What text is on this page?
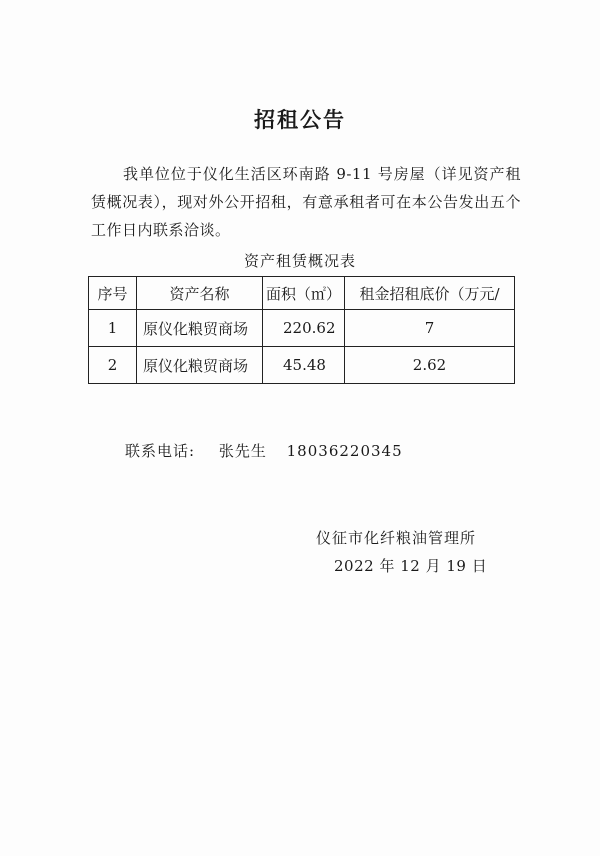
招租公告

我单位位于仪化生活区环南路 9-11 号房屋（详见资产租赁概况表），现对外公开招租，有意承租者可在本公告发出五个工作日内联系洽谈。

资产租赁概况表
序号	资产名称	面积（㎡）	租金招租底价（万元/
1	原仪化粮贸商场	220.62	7
2	原仪化粮贸商场	45.48	2.62
联系电话: 张先生 18036220345
仪征市化纤粮油管理所
2022 年 12 月 19 日
